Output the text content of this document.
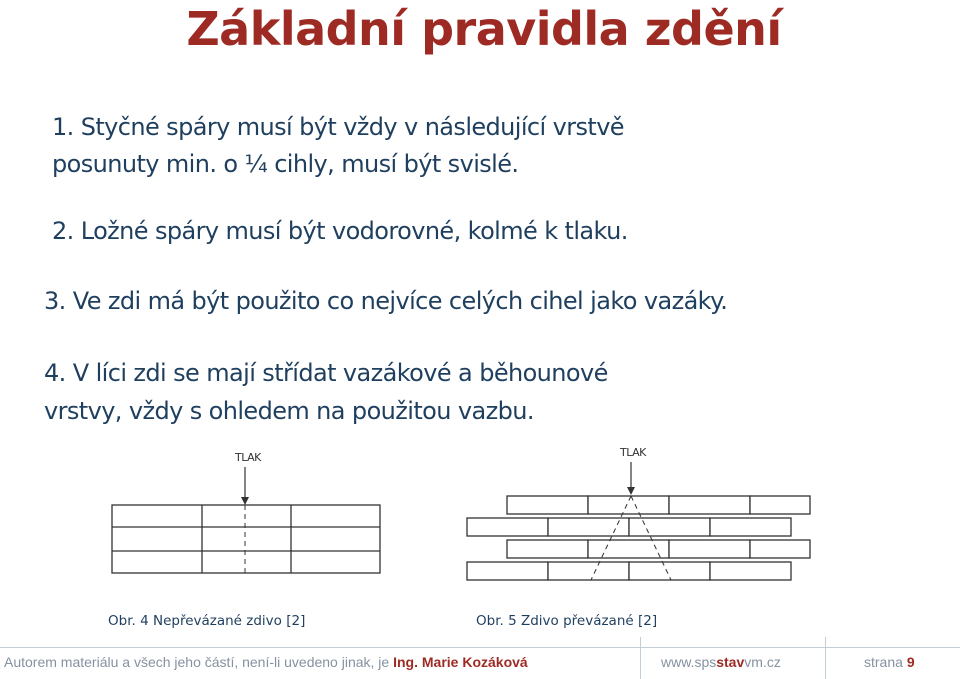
Základní pravidla zdění

1. Styčné spáry musí být vždy v následující vrstvě

posunuty min. o ¼ cihly, musí být svislé.

2. Ložné spáry musí být vodorovné, kolmé k tlaku.

3. Ve zdi má být použito co nejvíce celých cihel jako vazáky.

4. V líci zdi se mají střídat vazákové a běhounové

vrstvy, vždy s ohledem na použitou vazbu.

TLAK	TLAK
Obr. 4 Nepřevázané zdivo [2]	Obr. 5 Zdivo převázané [2]
Autorem materiálu a všech jeho částí, není-li uvedeno jinak, je Ing. Marie Kozáková	www.spsstavvm.cz	strana 9
